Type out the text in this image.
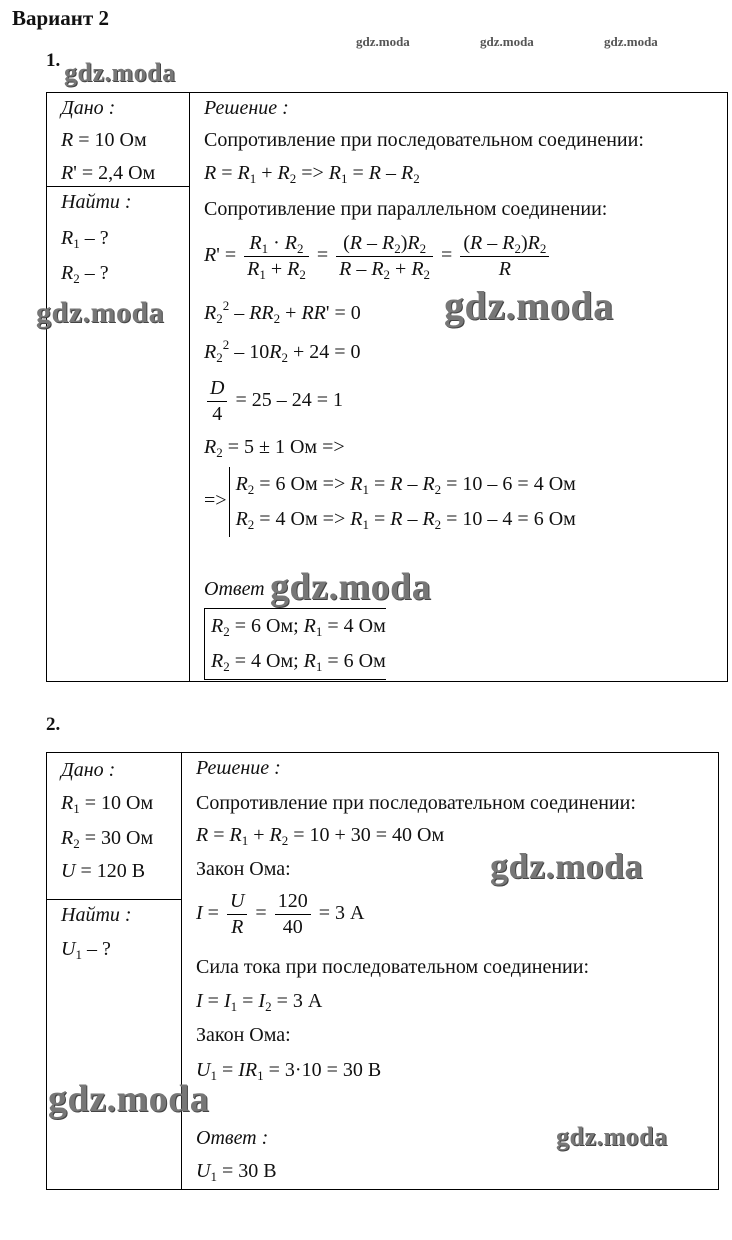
Вариант 2
gdz.moda	gdz.moda	gdz.moda
1. gdz.moda
Дано :
R = 10 Ом
R' = 2,4 Ом
Найти :
$R_1$ – ?
$R_2$ – ?
Решение :
Сопротивление при последовательном соединении:
$R = R_1 + R_2 => R_1 = R - R_2$
Сопротивление при параллельном соединении:
$R' = \frac{R_1 \cdot R_2}{R_1 + R_2} = \frac{(R - R_2)R_2}{R - R_2 + R_2} = \frac{(R - R_2)R_2}{R}$
$R_2^2 - RR_2 + RR' = 0$
$R_2^2 - 10R_2 + 24 = 0$
$\frac{D}{4} = 25 - 24 = 1$
$R_2 = 5 \pm 1$ Ом =>
=>
$R_2 = 6$ Ом => $R_1 = R - R_2 = 10 - 6 = 4$ Ом
$R_2 = 4$ Ом => $R_1 = R - R_2 = 10 - 4 = 6$ Ом
Ответ
$R_2 = 6$ Ом; $R_1 = 4$ Ом
$R_2 = 4$ Ом; $R_1 = 6$ Ом
gdz.moda	gdz.moda
gdz.moda
2.
Дано :
$R_1 = 10$ Ом
$R_2 = 30$ Ом
U = 120 В
Найти :
$U_1$ – ?
Решение :
Сопротивление при последовательном соединении:
$R = R_1 + R_2 = 10 + 30 = 40$ Ом
Закон Ома:
$I = \frac{U}{R} = \frac{120}{40} = 3$ А
Сила тока при последовательном соединении:
$I = I_1 = I_2 = 3$ А
Закон Ома:
$U_1 = IR_1 = 3\cdot 10 = 30$ В
Ответ :
$U_1 = 30$ В
gdz.moda
gdz.moda
gdz.moda
